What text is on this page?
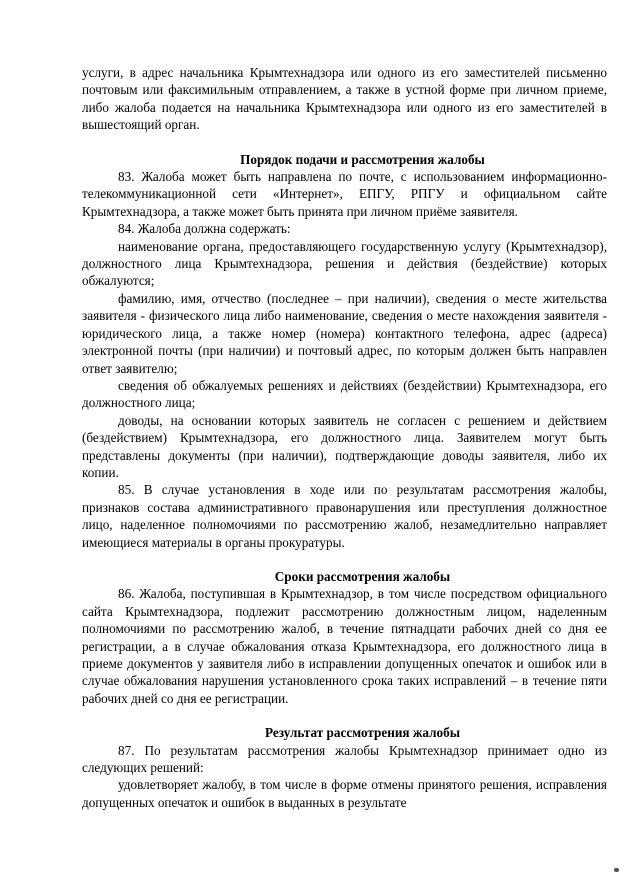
услуги, в адрес начальника Крымтехнадзора или одного из его заместителей письменно почтовым или факсимильным отправлением, а также в устной форме при личном приеме, либо жалоба подается на начальника Крымтехнадзора или одного из его заместителей в вышестоящий орган.

Порядок подачи и рассмотрения жалобы

83. Жалоба может быть направлена по почте, с использованием информационно-телекоммуникационной сети «Интернет», ЕПГУ, РПГУ и официальном сайте Крымтехнадзора, а также может быть принята при личном приёме заявителя.

84. Жалоба должна содержать:

наименование органа, предоставляющего государственную услугу (Крымтехнадзор), должностного лица Крымтехнадзора, решения и действия (бездействие) которых обжалуются;

фамилию, имя, отчество (последнее – при наличии), сведения о месте жительства заявителя - физического лица либо наименование, сведения о месте нахождения заявителя - юридического лица, а также номер (номера) контактного телефона, адрес (адреса) электронной почты (при наличии) и почтовый адрес, по которым должен быть направлен ответ заявителю;

сведения об обжалуемых решениях и действиях (бездействии) Крымтехнадзора, его должностного лица;

доводы, на основании которых заявитель не согласен с решением и действием (бездействием) Крымтехнадзора, его должностного лица. Заявителем могут быть представлены документы (при наличии), подтверждающие доводы заявителя, либо их копии.

85. В случае установления в ходе или по результатам рассмотрения жалобы, признаков состава административного правонарушения или преступления должностное лицо, наделенное полномочиями по рассмотрению жалоб, незамедлительно направляет имеющиеся материалы в органы прокуратуры.

Сроки рассмотрения жалобы

86. Жалоба, поступившая в Крымтехнадзор, в том числе посредством официального сайта Крымтехнадзора, подлежит рассмотрению должностным лицом, наделенным полномочиями по рассмотрению жалоб, в течение пятнадцати рабочих дней со дня ее регистрации, а в случае обжалования отказа Крымтехнадзора, его должностного лица в приеме документов у заявителя либо в исправлении допущенных опечаток и ошибок или в случае обжалования нарушения установленного срока таких исправлений – в течение пяти рабочих дней со дня ее регистрации.

Результат рассмотрения жалобы

87. По результатам рассмотрения жалобы Крымтехнадзор принимает одно из следующих решений:

удовлетворяет жалобу, в том числе в форме отмены принятого решения, исправления допущенных опечаток и ошибок в выданных в результате
